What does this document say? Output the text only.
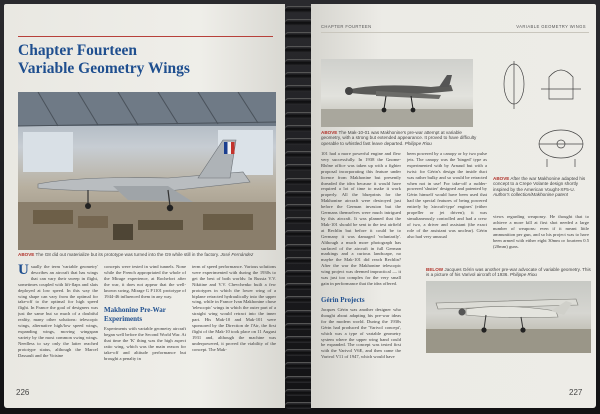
Chapter Fourteen
Variable Geometry Wings
ABOVE The G8 did out materialize but its prototype was turned into the G9 while still in the factory. José Fernández
U sually the term 'variable geometry' describes an aircraft that has wings that can vary their sweep in flight, sometimes coupled with lift-flaps and slats deployed at low speed. In this way the wing shape can vary from the optimal for take-off to the optimal for high speed flight. In France the goal of designers was just the same but so much of a doubtful reality, many other solutions: telescopic wings, alternative high/low speed wings, expanding wings, moving wingspan variety by the most common swing wings. Needless to say only the latter reached prototype status, although the Marcel Dassault and the Voisine
concepts were tested in wind tunnels. None while the French appropriated the whole of the Mirage experience, at Rochefort after the war, it does not appear that the well-known swing, Mirage G F1101 prototype of 1944-46 influenced them in any way.
Makhonine Pre-War Experiments
Experiments with variable geometry aircraft began well before the Second World War. At that time the 'K' thing was the high aspect ratio wing, which was the main reason for take-off and altitude performance but brought a penalty in
term of speed performance. Various solutions were experimented with during the 1930s to get the best of both worlds: In Russia V.V. Nikitine and V.V. Chevchenko built a few prototypes in which the lower wing of a biplane retracted hydraulically into the upper wing, while in France Ivan Makhonine chose 'telescopic' wings in which the outer part of a straight wing would retract into the inner part. His Mak-10 and Mak-101 were sponsored by the Direction de l'Air, the first flight of the Mak-10 took place on 11 August 1931 and, although the machine was underpowered, it proved the viability of the concept. The Mak-
226
CHAPTER FOURTEEN	VARIABLE GEOMETRY WINGS
ABOVE The Mak-10-01 was Makhonine's pre-war attempt at variable geometry, with a strong but extended appearance. It proved to have difficulty operable to whistled fast leave departed. Philippe Riou
101 had a more powerful engine and flew very successfully. In 1938 the Gnome-Rhône office was taken up with a fighter proposal incorporating this feature under licence from Makhonine but presently threaded the idea because it would have required a lot of time to make it work properly. All the blueprints for the Makhonine aircraft were destroyed just before the German invasion but the Germans themselves were much intrigued by this aircraft. It was planned that the Mak-101 should be sent to the test airfield at Rechlin but before it could be to Germany it was damaged 'voluntarily'. Although a much more photograph has surfaced of the aircraft in full German markings and a curious landscape, no maybe the Mak-101 did reach Rechlin? After the war the Makhonine telescopic wing project was deemed impractical — it was just too complex for the very small gain in performance that the idea offered.
Gérin Projects
Jacques Gérin was another designer who thought about adapting his pre-war ideas for the modern world. During the 1930s Gérin had produced the 'Varivol concept', which was a type of variable geometry system where the upper wing band could be expanded. The concept was tested first with the Varivol V6E, and then came the Varivol V11 of 1947, which would have
been powered by a canopy or by two pulse jets. The canopy was the 'hinged' type as experimented with by Arnaud but with a twist: for Gérin's design the inside duct was rather bulky and so would be retracted when not in use! For take-off a rudder-powered 'shutter' designed and patented by Gérin himself would have been used that had the special features of being powered entirely by 'aircraft-type' engines' (either propeller or jet driven); it was simultaneously controlled and had a crew of two, a driver and assistant (the exact role of the assistant was unclear). Gérin also had very unusual
ABOVE After the war Makhonine adapted his concept to a Crepe Volante design shortly inspired by the American Vought-XF5-U. Author's collection/Makhonine patent
views regarding weaponry. He thought that to achieve a more kill at first shot needed a large number of weapons: even if it meant little ammunition per gun, and so his project was to have been armed with either eight 30mm or fourteen 0.5 (20mm) guns.
BELOW Jacques Gérin was another pre-war advocate of variable geometry. This is a picture of his Varivol aircraft of 1936. Philippe Riou
227
